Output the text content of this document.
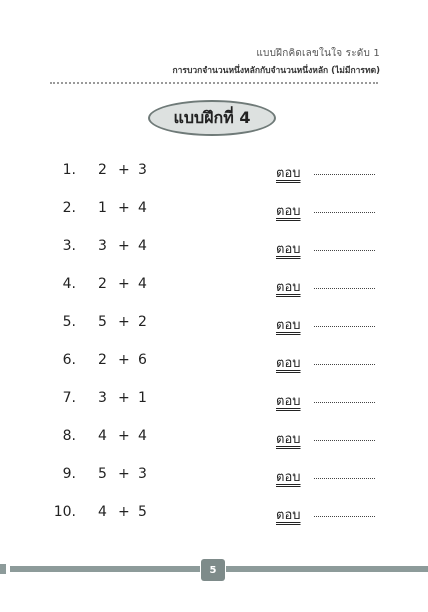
แบบฝึกคิดเลขในใจ ระดับ 1
การบวกจำนวนหนึ่งหลักกับจำนวนหนึ่งหลัก (ไม่มีการทด)
แบบฝึกที่ 4
1. 2 + 3	ตอบ
2. 1 + 4	ตอบ
3. 3 + 4	ตอบ
4. 2 + 4	ตอบ
5. 5 + 2	ตอบ
6. 2 + 6	ตอบ
7. 3 + 1	ตอบ
8. 4 + 4	ตอบ
9. 5 + 3	ตอบ
10. 4 + 5	ตอบ
5
